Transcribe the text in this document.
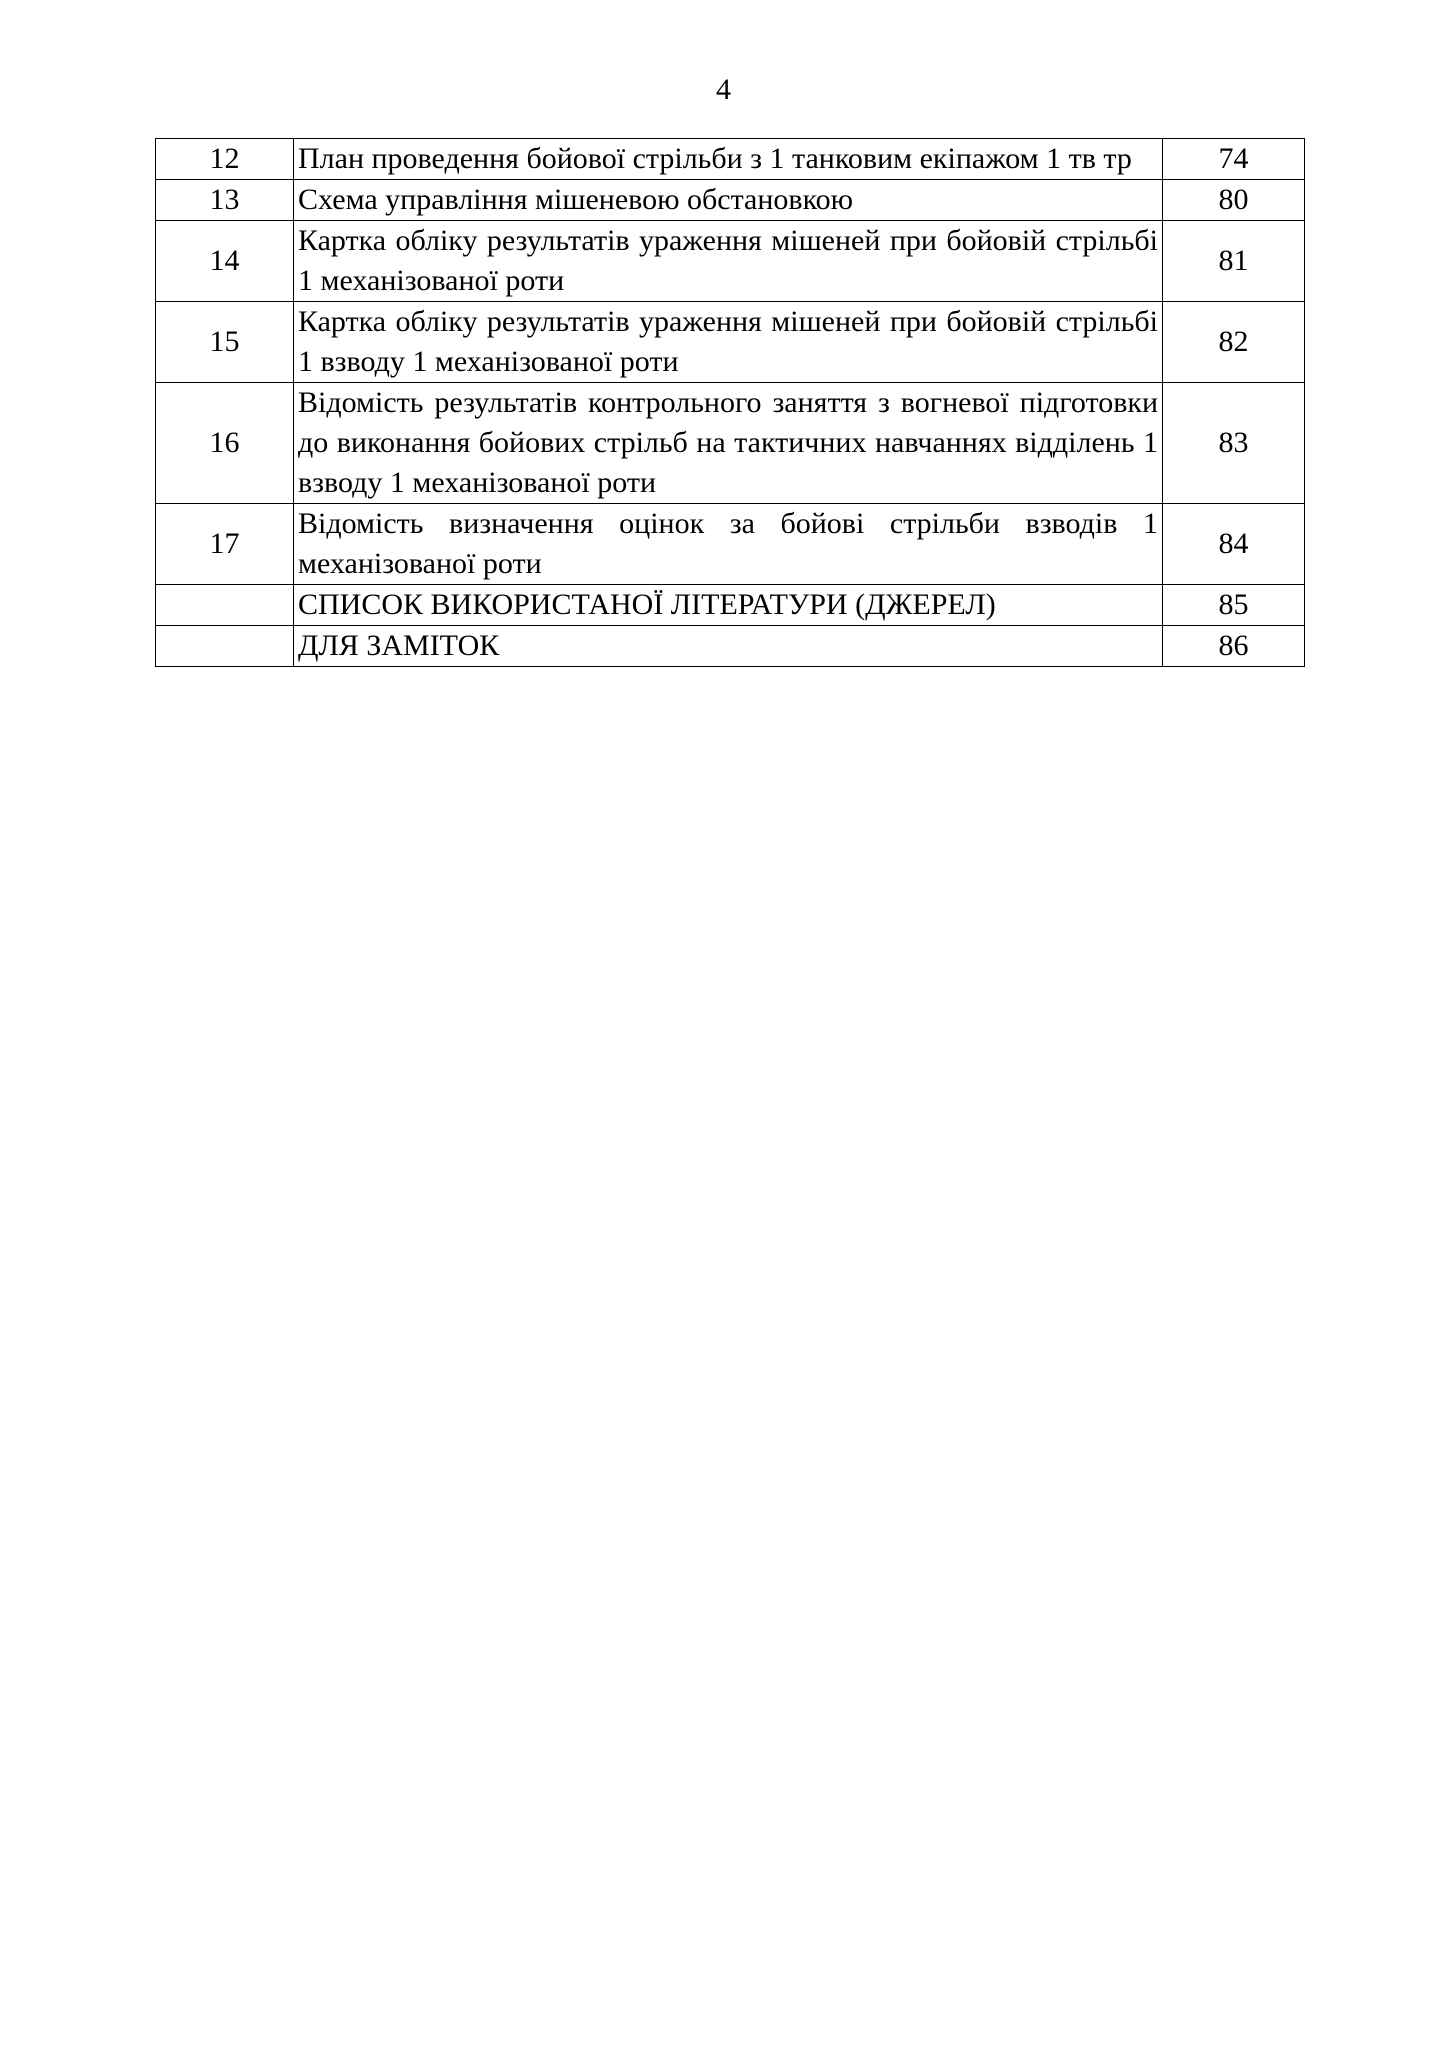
4
12	План проведення бойової стрільби з 1 танковим екіпажом 1 тв тр	74
13	Схема управління мішеневою обстановкою	80
14	Картка обліку результатів ураження мішеней при бойовій стрільбі 1 механізованої роти	81
15	Картка обліку результатів ураження мішеней при бойовій стрільбі 1 взводу 1 механізованої роти	82
16	Відомість результатів контрольного заняття з вогневої підготовки до виконання бойових стрільб на тактичних навчаннях відділень 1 взводу 1 механізованої роти	83
17	Відомість визначення оцінок за бойові стрільби взводів 1 механізованої роти	84
	СПИСОК ВИКОРИСТАНОЇ ЛІТЕРАТУРИ (ДЖЕРЕЛ)	85
	ДЛЯ ЗАМІТОК	86
